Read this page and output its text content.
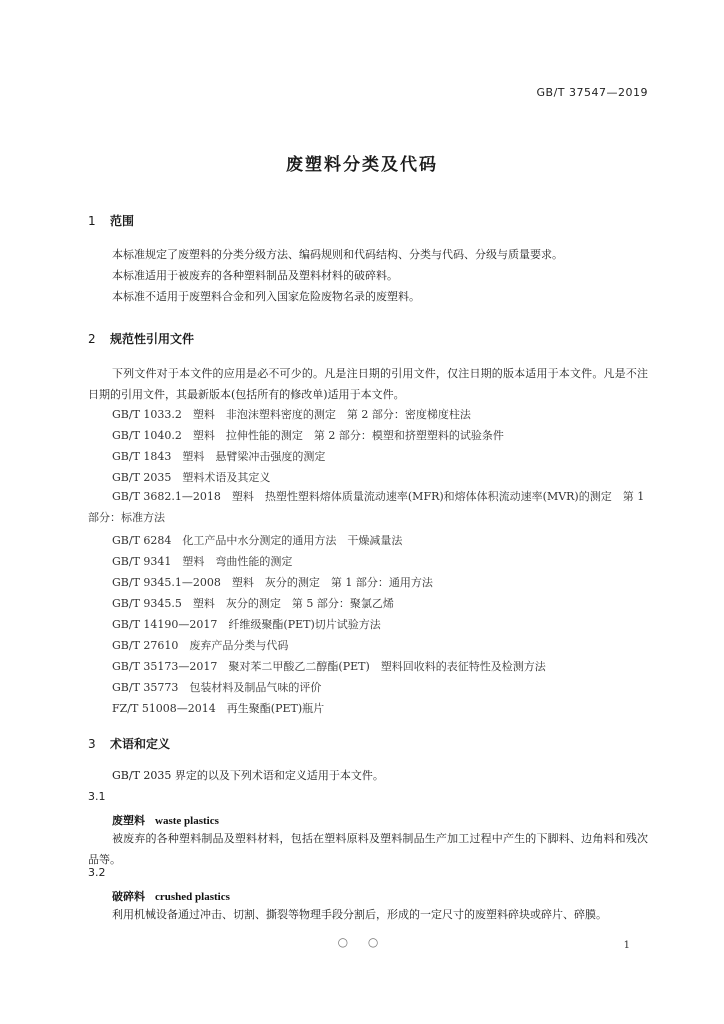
GB/T 37547—2019
废塑料分类及代码
1 范围

本标准规定了废塑料的分类分级方法、编码规则和代码结构、分类与代码、分级与质量要求。

本标准适用于被废弃的各种塑料制品及塑料材料的破碎料。

本标准不适用于废塑料合金和列入国家危险废物名录的废塑料。

2 规范性引用文件

下列文件对于本文件的应用是必不可少的。凡是注日期的引用文件，仅注日期的版本适用于本文件。凡是不注日期的引用文件，其最新版本(包括所有的修改单)适用于本文件。

GB/T 1033.2　塑料　非泡沫塑料密度的测定　第 2 部分：密度梯度柱法
GB/T 1040.2　塑料　拉伸性能的测定　第 2 部分：模塑和挤塑塑料的试验条件
GB/T 1843　塑料　悬臂梁冲击强度的测定
GB/T 2035　塑料术语及其定义

GB/T 3682.1—2018　塑料　热塑性塑料熔体质量流动速率(MFR)和熔体体积流动速率(MVR)的测定　第 1 部分：标准方法

GB/T 6284　化工产品中水分测定的通用方法　干燥减量法
GB/T 9341　塑料　弯曲性能的测定
GB/T 9345.1—2008　塑料　灰分的测定　第 1 部分：通用方法
GB/T 9345.5　塑料　灰分的测定　第 5 部分：聚氯乙烯
GB/T 14190—2017　纤维级聚酯(PET)切片试验方法
GB/T 27610　废弃产品分类与代码
GB/T 35173—2017　聚对苯二甲酸乙二醇酯(PET)　塑料回收料的表征特性及检测方法
GB/T 35773　包装材料及制品气味的评价
FZ/T 51008—2014　再生聚酯(PET)瓶片
3 术语和定义

GB/T 2035 界定的以及下列术语和定义适用于本文件。

3.1
废塑料 waste plastics

被废弃的各种塑料制品及塑料材料，包括在塑料原料及塑料制品生产加工过程中产生的下脚料、边角料和残次品等。

3.2
破碎料 crushed plastics

利用机械设备通过冲击、切割、撕裂等物理手段分割后，形成的一定尺寸的废塑料碎块或碎片、碎膜。

○ ○	1
